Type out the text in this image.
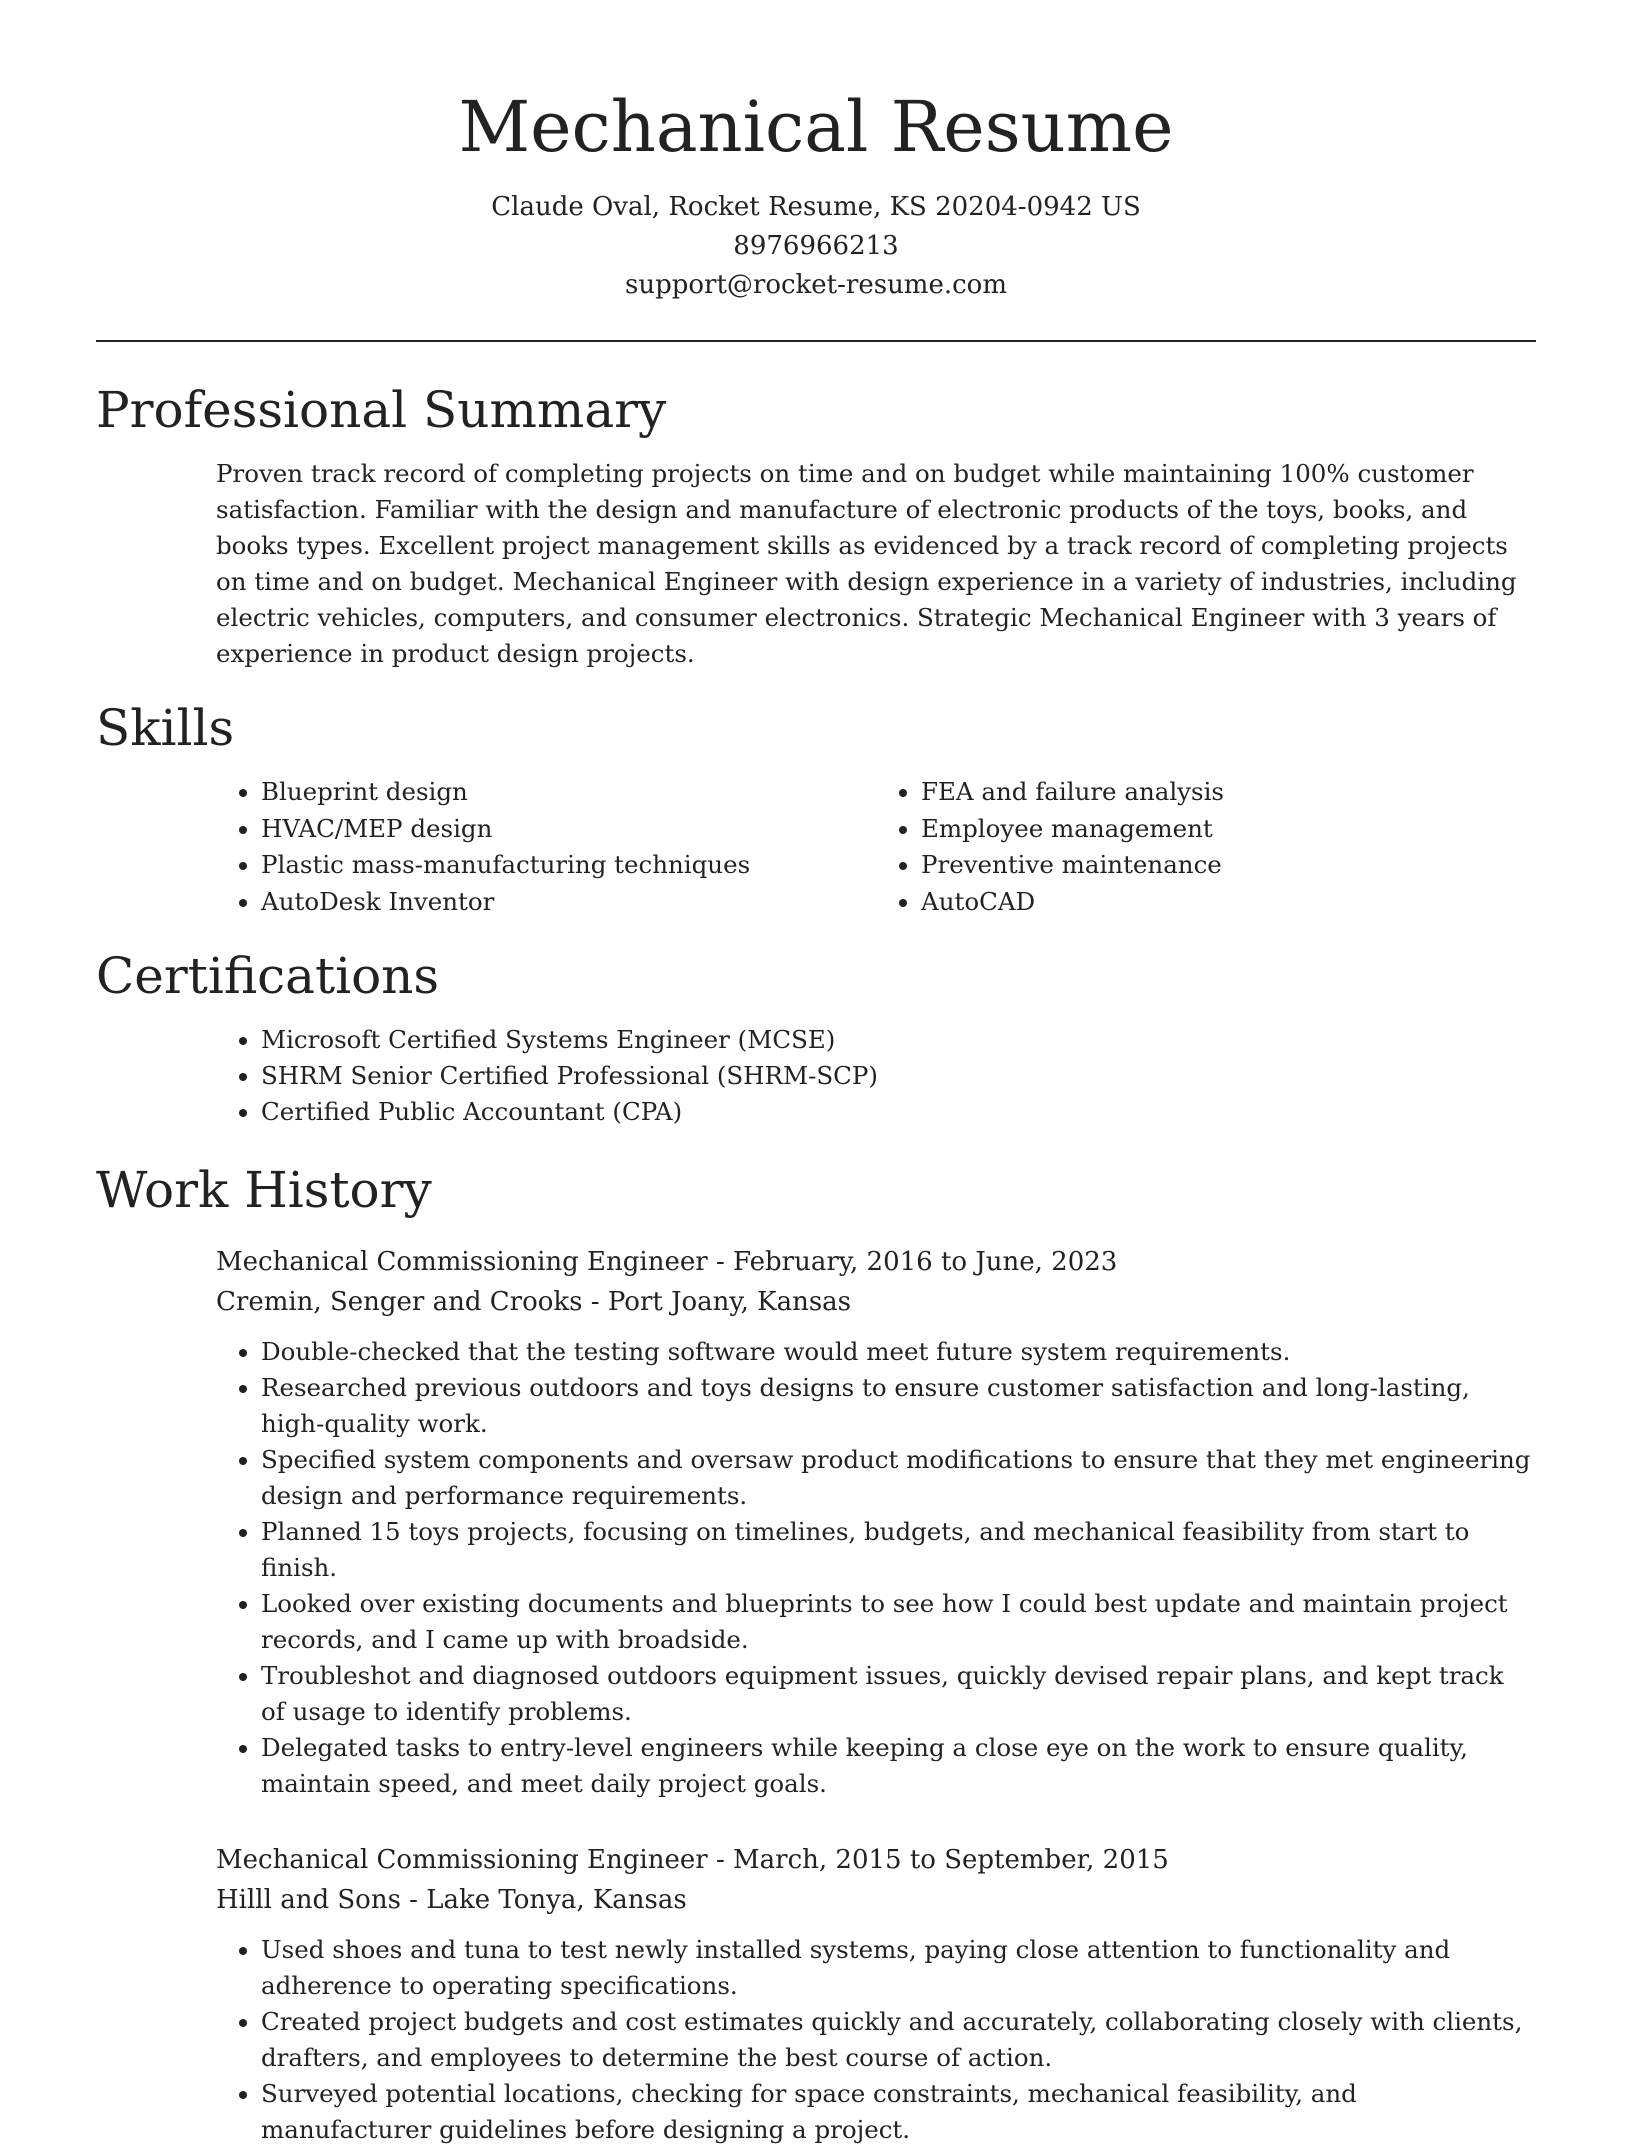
Mechanical Resume

Claude Oval, Rocket Resume, KS 20204-0942 US

8976966213

support@rocket-resume.com

Professional Summary

Proven track record of completing projects on time and on budget while maintaining 100% customer satisfaction. Familiar with the design and manufacture of electronic products of the toys, books, and books types. Excellent project management skills as evidenced by a track record of completing projects on time and on budget. Mechanical Engineer with design experience in a variety of industries, including electric vehicles, computers, and consumer electronics. Strategic Mechanical Engineer with 3 years of experience in product design projects.

Skills
• Blueprint design
• HVAC/MEP design
• Plastic mass-manufacturing techniques
• AutoDesk Inventor
• FEA and failure analysis
• Employee management
• Preventive maintenance
• AutoCAD
Certifications
• Microsoft Certified Systems Engineer (MCSE)
• SHRM Senior Certified Professional (SHRM-SCP)
• Certified Public Accountant (CPA)
Work History

Mechanical Commissioning Engineer - February, 2016 to June, 2023

Cremin, Senger and Crooks - Port Joany, Kansas

• Double-checked that the testing software would meet future system requirements.
• Researched previous outdoors and toys designs to ensure customer satisfaction and long-lasting, high-quality work.
• Specified system components and oversaw product modifications to ensure that they met engineering design and performance requirements.
• Planned 15 toys projects, focusing on timelines, budgets, and mechanical feasibility from start to finish.
• Looked over existing documents and blueprints to see how I could best update and maintain project records, and I came up with broadside.
• Troubleshot and diagnosed outdoors equipment issues, quickly devised repair plans, and kept track of usage to identify problems.
• Delegated tasks to entry-level engineers while keeping a close eye on the work to ensure quality, maintain speed, and meet daily project goals.

Mechanical Commissioning Engineer - March, 2015 to September, 2015

Hilll and Sons - Lake Tonya, Kansas

• Used shoes and tuna to test newly installed systems, paying close attention to functionality and adherence to operating specifications.
• Created project budgets and cost estimates quickly and accurately, collaborating closely with clients, drafters, and employees to determine the best course of action.
• Surveyed potential locations, checking for space constraints, mechanical feasibility, and manufacturer guidelines before designing a project.
